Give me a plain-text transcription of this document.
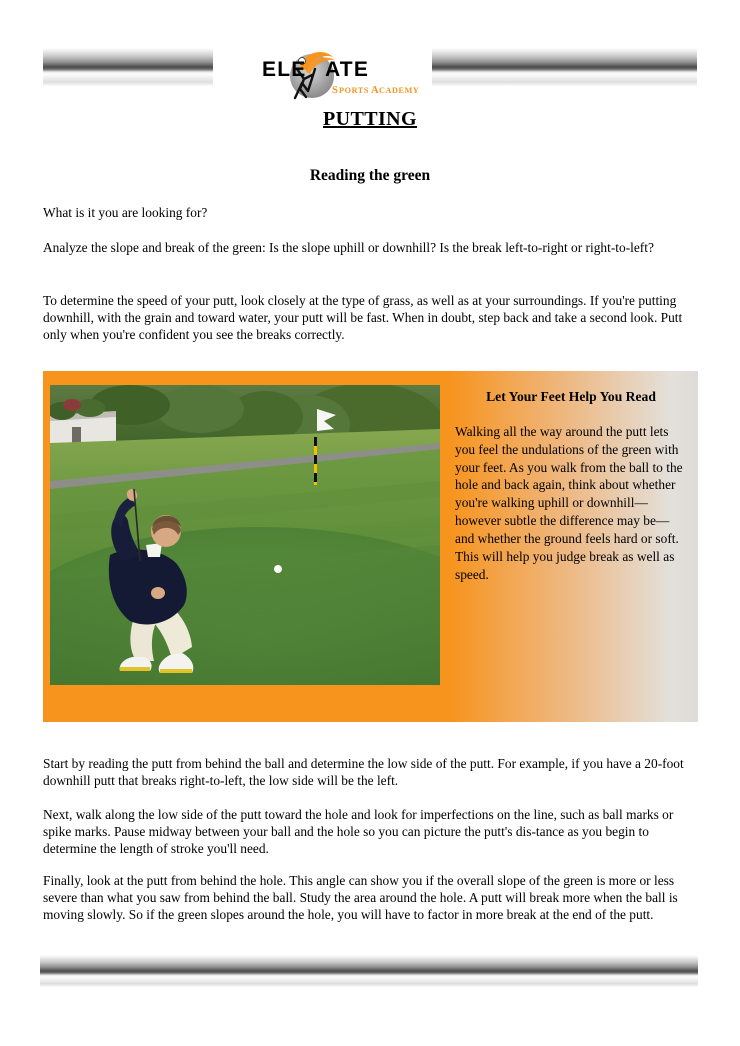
ELE ATE
S PORTS A CADEMY
PUTTING
Reading the green
What is it you are looking for?
Analyze the slope and break of the green: Is the slope uphill or downhill? Is the break left-to-right or right-to-left?
To determine the speed of your putt, look closely at the type of grass, as well as at your surroundings. If you're putting downhill, with the grain and toward water, your putt will be fast. When in doubt, step back and take a second look. Putt only when you're confident you see the breaks correctly.

Let Your Feet Help You Read

Walking all the way around the putt lets you feel the undulations of the green with your feet. As you walk from the ball to the hole and back again, think about whether you're walking uphill or downhill— however subtle the difference may be—and whether the ground feels hard or soft. This will help you judge break as well as speed.

Start by reading the putt from behind the ball and determine the low side of the putt. For example, if you have a 20-foot downhill putt that breaks right-to-left, the low side will be the left.
Next, walk along the low side of the putt toward the hole and look for imperfections on the line, such as ball marks or spike marks. Pause midway between your ball and the hole so you can picture the putt's dis-tance as you begin to determine the length of stroke you'll need.
Finally, look at the putt from behind the hole. This angle can show you if the overall slope of the green is more or less severe than what you saw from behind the ball. Study the area around the hole. A putt will break more when the ball is moving slowly. So if the green slopes around the hole, you will have to factor in more break at the end of the putt.
